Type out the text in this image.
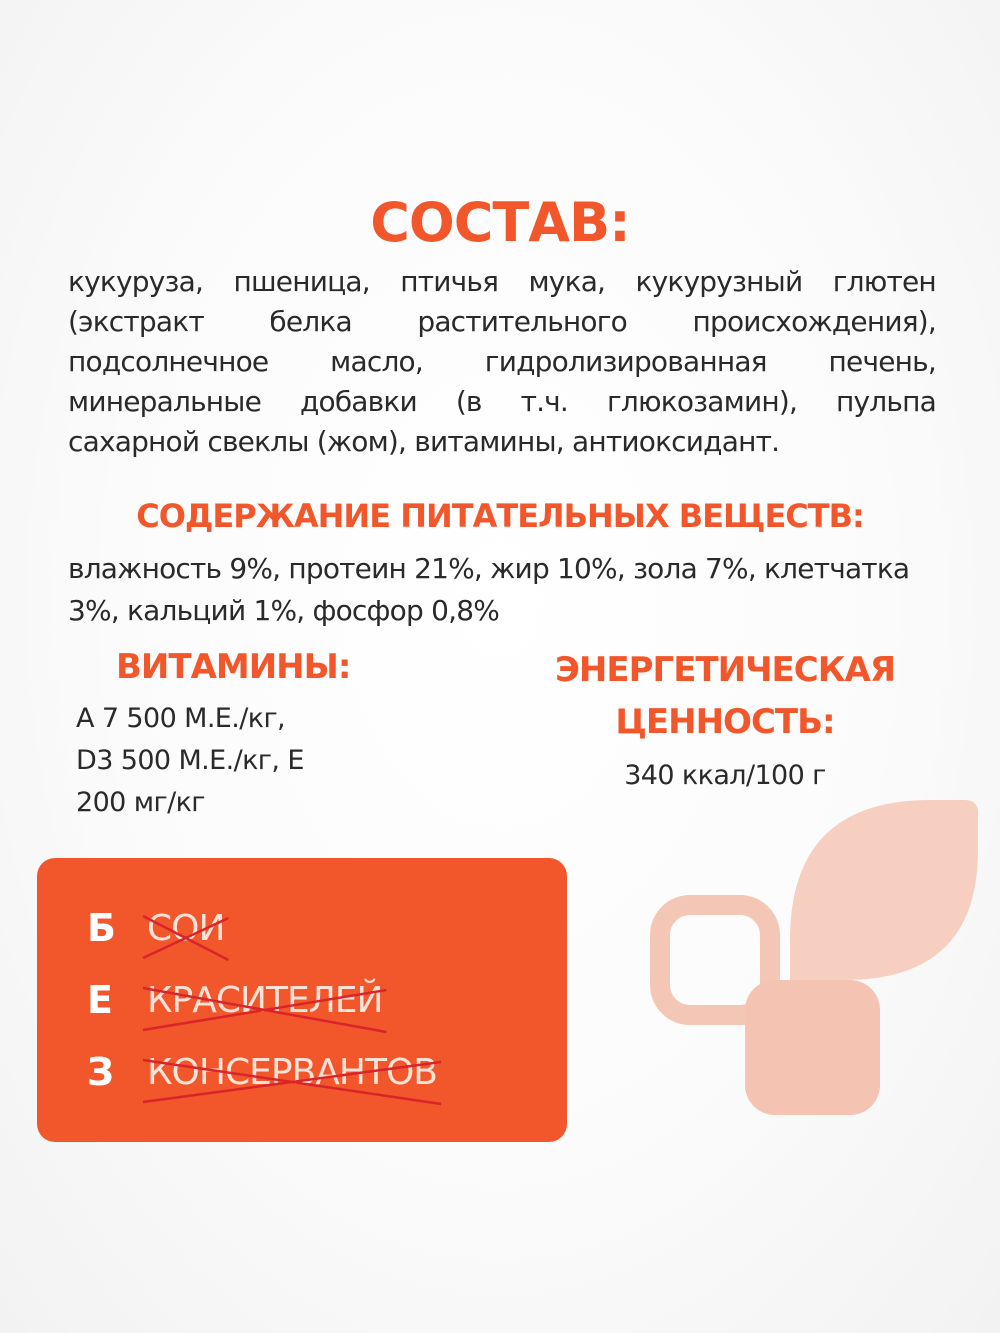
СОСТАВ:
кукуруза, пшеница, птичья мука, кукурузный глютен
(экстракт белка растительного происхождения),
подсолнечное масло, гидролизированная печень,
минеральные добавки (в т.ч. глюкозамин), пульпа
сахарной свеклы (жом), витамины, антиоксидант.
СОДЕРЖАНИЕ ПИТАТЕЛЬНЫХ ВЕЩЕСТВ:
влажность 9%, протеин 21%, жир 10%, зола 7%, клетчатка
3%, кальций 1%, фосфор 0,8%
ВИТАМИНЫ:
А 7 500 М.Е./кг,
D3 500 М.Е./кг, Е
200 мг/кг
ЭНЕРГЕТИЧЕСКАЯ
ЦЕННОСТЬ:
340 ккал/100 г
Б СОИ
Е КРАСИТЕЛЕЙ
З КОНСЕРВАНТОВ
